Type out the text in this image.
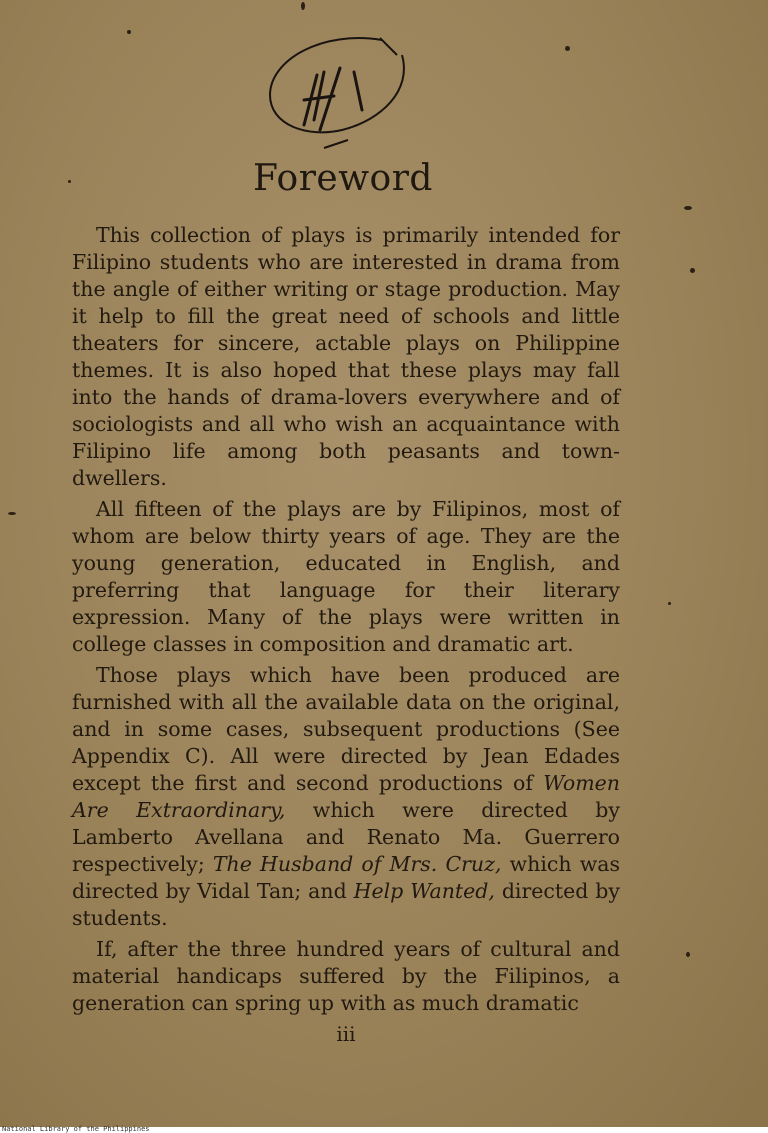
Foreword

This collection of plays is primarily intended for Filipino students who are interested in drama from the angle of either writing or stage production. May it help to fill the great need of schools and little theaters for sincere, actable plays on Philippine themes. It is also hoped that these plays may fall into the hands of drama-lovers everywhere and of sociologists and all who wish an acquaintance with Filipino life among both peasants and town-dwellers.

All fifteen of the plays are by Filipinos, most of whom are below thirty years of age. They are the young generation, educated in English, and preferring that language for their literary expression. Many of the plays were written in college classes in composition and dramatic art.

Those plays which have been produced are furnished with all the available data on the original, and in some cases, subsequent productions (See Appendix C). All were directed by Jean Edades except the first and second productions of Women Are Extraordinary, which were directed by Lamberto Avellana and Renato Ma. Guerrero respectively; The Husband of Mrs. Cruz, which was directed by Vidal Tan; and Help Wanted, directed by students.

If, after the three hundred years of cultural and material handicaps suffered by the Filipinos, a generation can spring up with as much dramatic

iii
National Library of the Philippines
